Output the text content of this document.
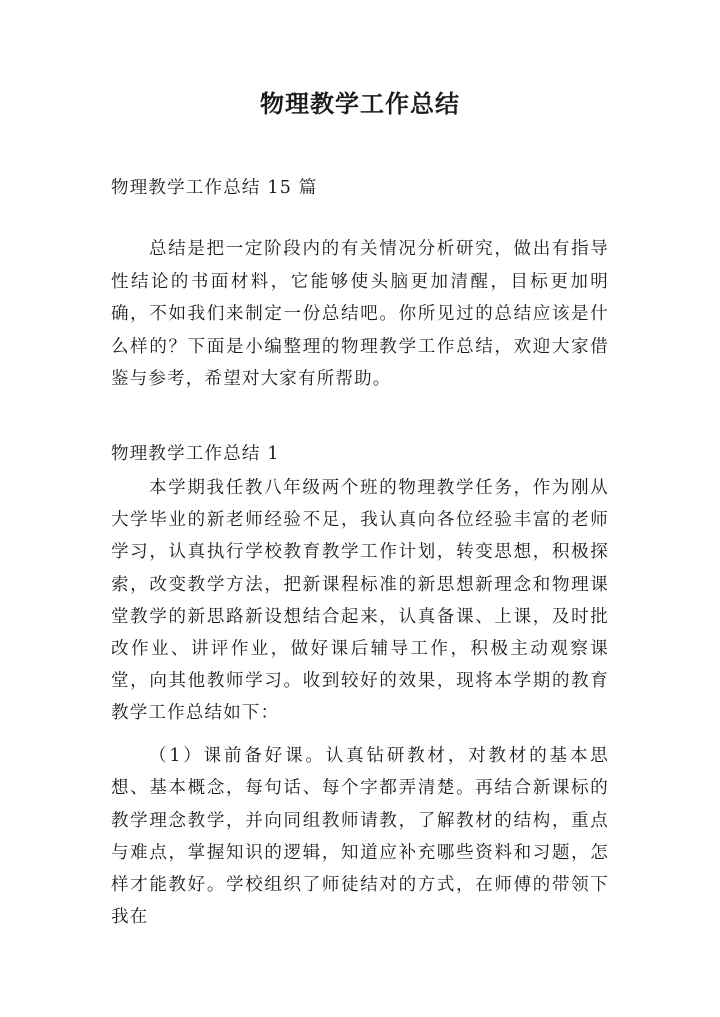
物理教学工作总结

物理教学工作总结 15 篇

总结是把一定阶段内的有关情况分析研究，做出有指导性结论的书面材料，它能够使头脑更加清醒，目标更加明确，不如我们来制定一份总结吧。你所见过的总结应该是什么样的？下面是小编整理的物理教学工作总结，欢迎大家借鉴与参考，希望对大家有所帮助。

物理教学工作总结 1

本学期我任教八年级两个班的物理教学任务，作为刚从大学毕业的新老师经验不足，我认真向各位经验丰富的老师学习，认真执行学校教育教学工作计划，转变思想，积极探索，改变教学方法，把新课程标准的新思想新理念和物理课堂教学的新思路新设想结合起来，认真备课、上课，及时批改作业、讲评作业，做好课后辅导工作，积极主动观察课堂，向其他教师学习。收到较好的效果，现将本学期的教育教学工作总结如下：

（1）课前备好课。认真钻研教材，对教材的基本思想、基本概念，每句话、每个字都弄清楚。再结合新课标的教学理念教学，并向同组教师请教，了解教材的结构，重点与难点，掌握知识的逻辑，知道应补充哪些资料和习题，怎样才能教好。学校组织了师徒结对的方式，在师傅的带领下我在
